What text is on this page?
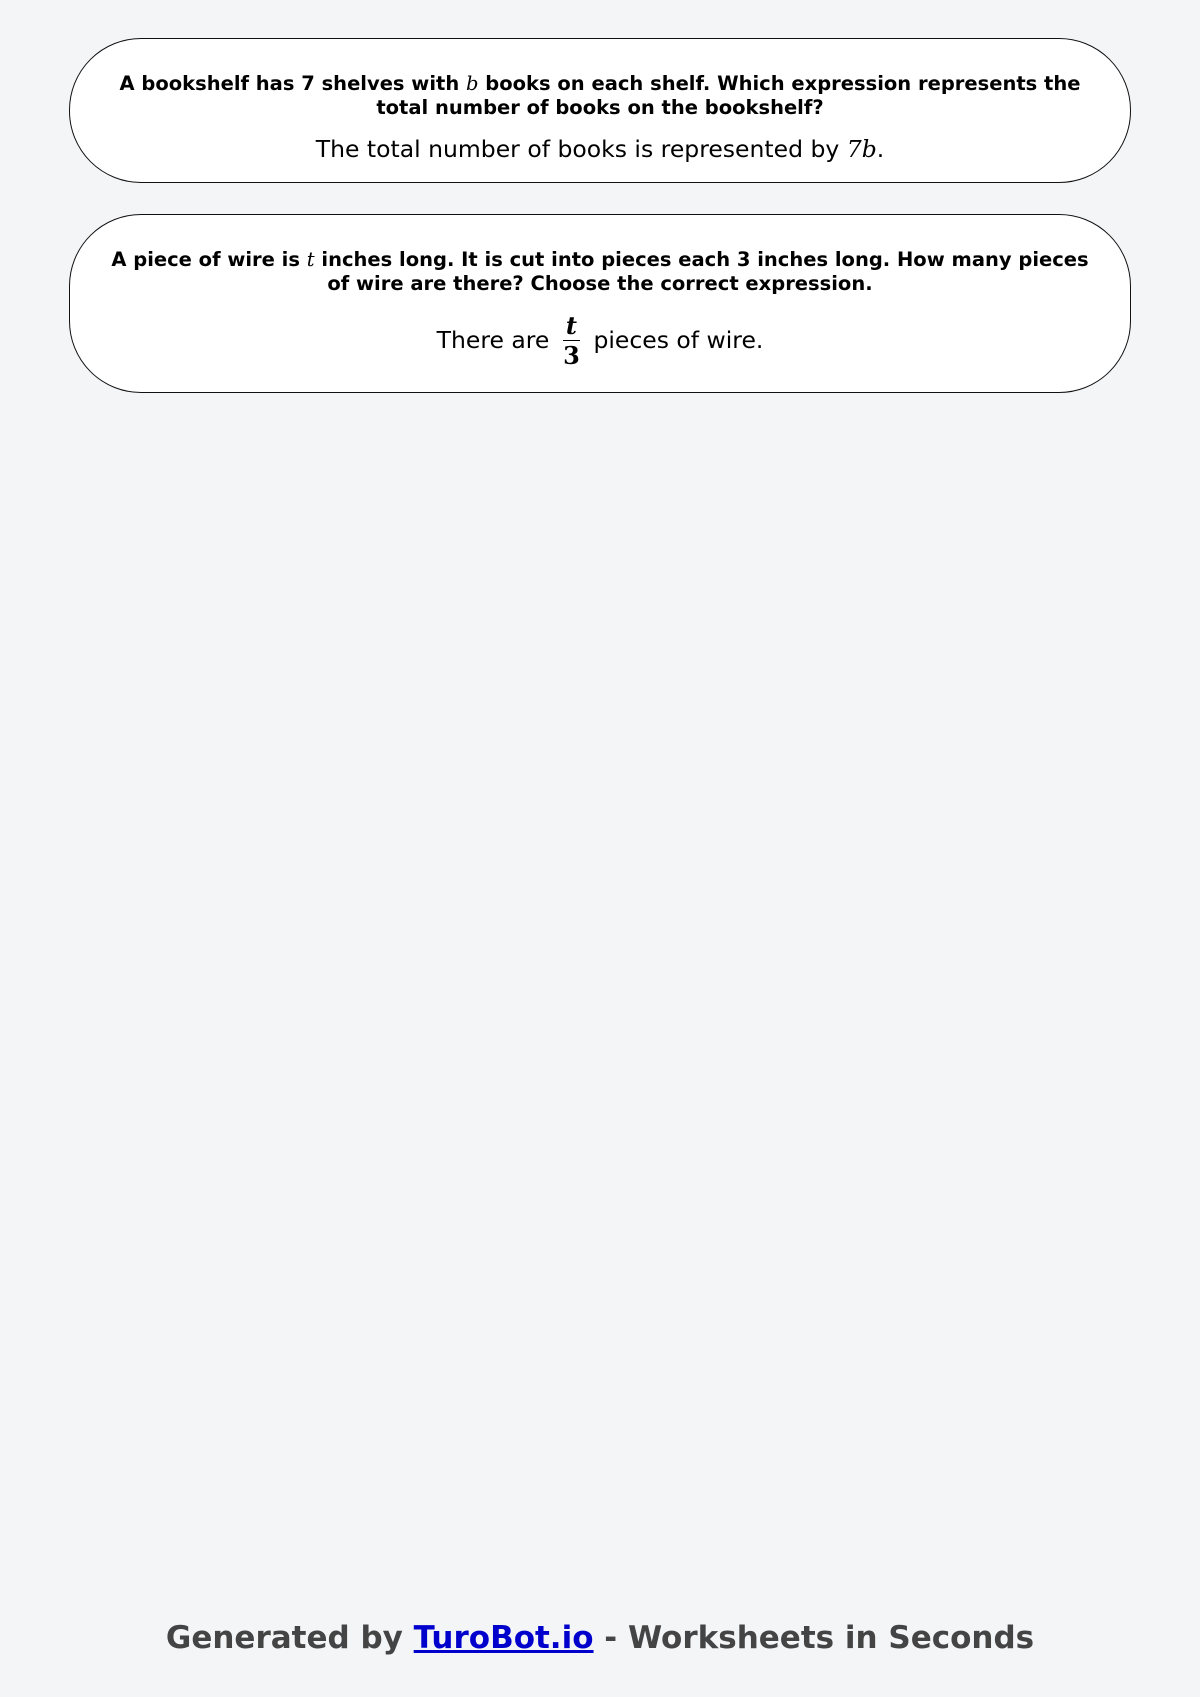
A bookshelf has 7 shelves with b books on each shelf. Which expression represents the total number of books on the bookshelf?

The total number of books is represented by 7b.

A piece of wire is t inches long. It is cut into pieces each 3 inches long. How many pieces of wire are there? Choose the correct expression.

There are $\frac{t}{3}$ pieces of wire.

Generated by TuroBot.io - Worksheets in Seconds
